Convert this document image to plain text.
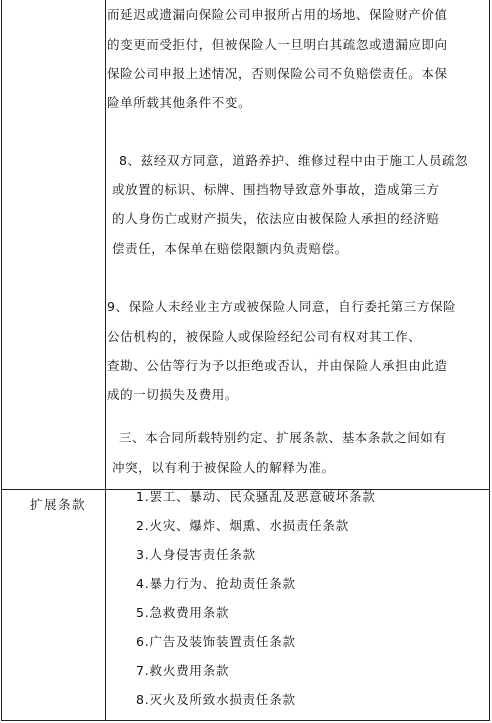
而延迟或遗漏向保险公司申报所占用的场地、保险财产价值
的变更而受拒付，但被保险人一旦明白其疏忽或遗漏应即向
保险公司申报上述情况，否则保险公司不负赔偿责任。本保
险单所载其他条件不变。
8、兹经双方同意，道路养护、维修过程中由于施工人员疏忽
或放置的标识、标牌、围挡物导致意外事故，造成第三方
的人身伤亡或财产损失，依法应由被保险人承担的经济赔
偿责任，本保单在赔偿限额内负责赔偿。
9、保险人未经业主方或被保险人同意，自行委托第三方保险
公估机构的，被保险人或保险经纪公司有权对其工作、
查勘、公估等行为予以拒绝或否认，并由保险人承担由此造
成的一切损失及费用。
三、本合同所载特别约定、扩展条款、基本条款之间如有
冲突，以有利于被保险人的解释为准。
扩展条款
1.罢工、暴动、民众骚乱及恶意破坏条款
2.火灾、爆炸、烟熏、水损责任条款
3.人身侵害责任条款
4.暴力行为、抢劫责任条款
5.急救费用条款
6.广告及装饰装置责任条款
7.救火费用条款
8.灭火及所致水损责任条款
